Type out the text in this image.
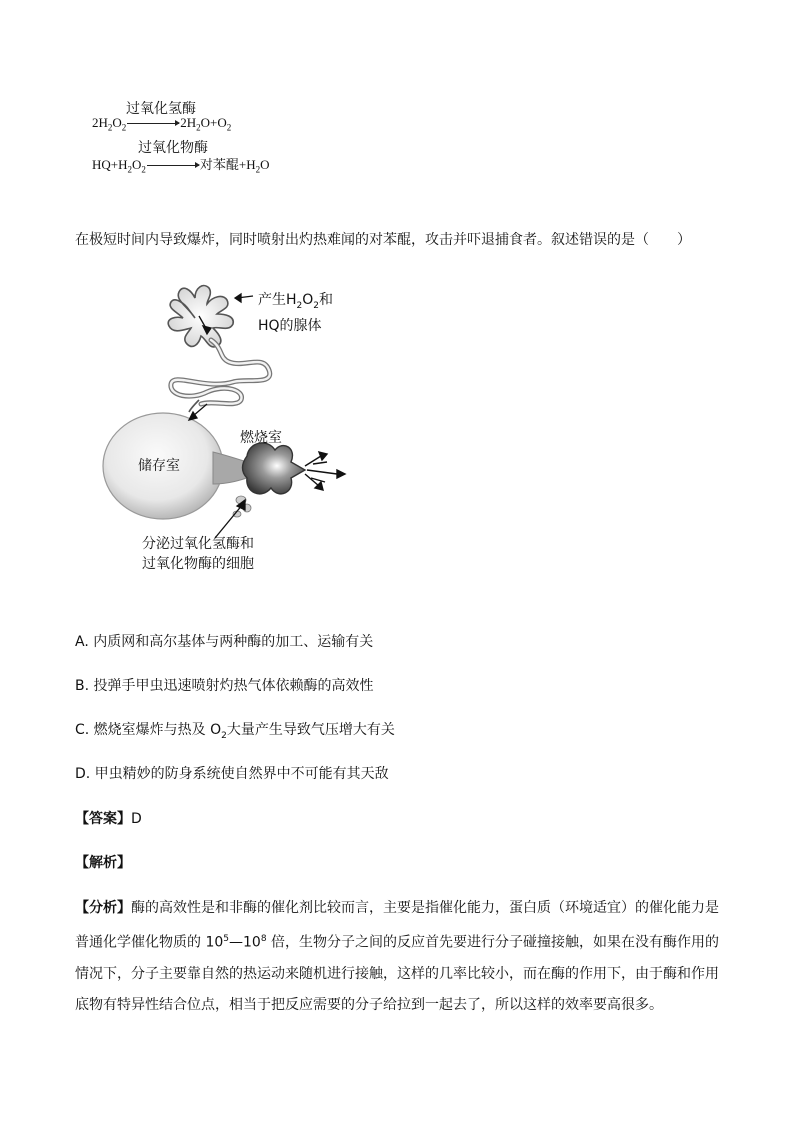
过氧化氢酶
$2H_2O_2\to 2H_2O+O_2$
过氧化物酶
$HQ+H_2O_2\to$对苯醌$+H_2O$
在极短时间内导致爆炸，同时喷射出灼热难闻的对苯醌，攻击并吓退捕食者。叙述错误的是（　　）
产生$H_2O_2$和
HQ的腺体
储存室
燃烧室
分泌过氧化氢酶和
过氧化物酶的细胞
A. 内质网和高尔基体与两种酶的加工、运输有关
B. 投弹手甲虫迅速喷射灼热气体依赖酶的高效性
C. 燃烧室爆炸与热及 $O_2$大量产生导致气压增大有关
D. 甲虫精妙的防身系统使自然界中不可能有其天敌
【答案】D
【解析】
【分析】酶的高效性是和非酶的催化剂比较而言，主要是指催化能力，蛋白质（环境适宜）的催化能力是普通化学催化物质的 $10^5—10^8$ 倍，生物分子之间的反应首先要进行分子碰撞接触，如果在没有酶作用的情况下，分子主要靠自然的热运动来随机进行接触，这样的几率比较小，而在酶的作用下，由于酶和作用底物有特异性结合位点，相当于把反应需要的分子给拉到一起去了，所以这样的效率要高很多。
